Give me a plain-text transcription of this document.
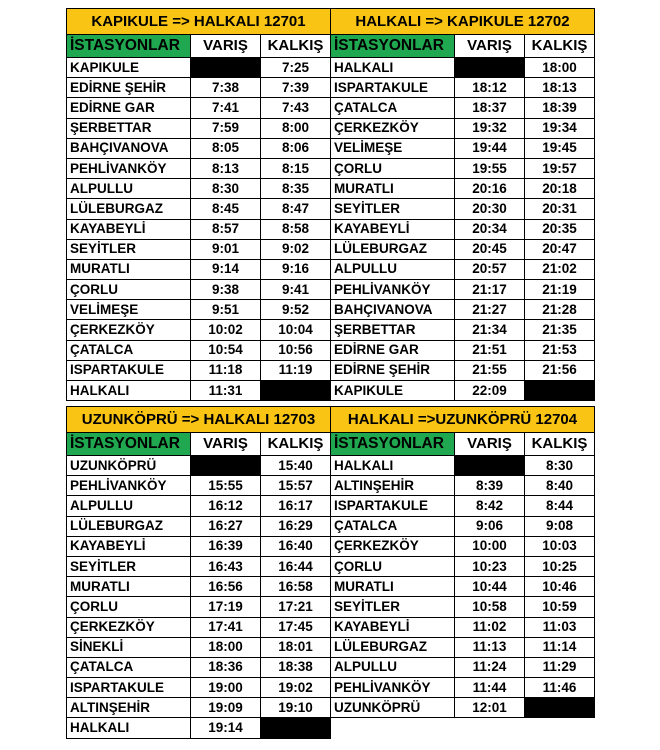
KAPIKULE => HALKALI 12701		
İSTASYONLAR	VARIŞ	KALKIŞ
KAPIKULE		7:25
EDİRNE ŞEHİR	7:38	7:39
EDİRNE GAR	7:41	7:43
ŞERBETTAR	7:59	8:00
BAHÇIVANOVA	8:05	8:06
PEHLİVANKÖY	8:13	8:15
ALPULLU	8:30	8:35
LÜLEBURGAZ	8:45	8:47
KAYABEYLİ	8:57	8:58
SEYİTLER	9:01	9:02
MURATLI	9:14	9:16
ÇORLU	9:38	9:41
VELİMEŞE	9:51	9:52
ÇERKEZKÖY	10:02	10:04
ÇATALCA	10:54	10:56
ISPARTAKULE	11:18	11:19
HALKALI	11:31	
HALKALI => KAPIKULE 12702		
İSTASYONLAR	VARIŞ	KALKIŞ
HALKALI		18:00
ISPARTAKULE	18:12	18:13
ÇATALCA	18:37	18:39
ÇERKEZKÖY	19:32	19:34
VELİMEŞE	19:44	19:45
ÇORLU	19:55	19:57
MURATLI	20:16	20:18
SEYİTLER	20:30	20:31
KAYABEYLİ	20:34	20:35
LÜLEBURGAZ	20:45	20:47
ALPULLU	20:57	21:02
PEHLİVANKÖY	21:17	21:19
BAHÇIVANOVA	21:27	21:28
ŞERBETTAR	21:34	21:35
EDİRNE GAR	21:51	21:53
EDİRNE ŞEHİR	21:55	21:56
KAPIKULE	22:09	
UZUNKÖPRÜ => HALKALI 12703		
İSTASYONLAR	VARIŞ	KALKIŞ
UZUNKÖPRÜ		15:40
PEHLİVANKÖY	15:55	15:57
ALPULLU	16:12	16:17
LÜLEBURGAZ	16:27	16:29
KAYABEYLİ	16:39	16:40
SEYİTLER	16:43	16:44
MURATLI	16:56	16:58
ÇORLU	17:19	17:21
ÇERKEZKÖY	17:41	17:45
SİNEKLİ	18:00	18:01
ÇATALCA	18:36	18:38
ISPARTAKULE	19:00	19:02
ALTINŞEHİR	19:09	19:10
HALKALI	19:14	
HALKALI =>UZUNKÖPRÜ 12704		
İSTASYONLAR	VARIŞ	KALKIŞ
HALKALI		8:30
ALTINŞEHİR	8:39	8:40
ISPARTAKULE	8:42	8:44
ÇATALCA	9:06	9:08
ÇERKEZKÖY	10:00	10:03
ÇORLU	10:23	10:25
MURATLI	10:44	10:46
SEYİTLER	10:58	10:59
KAYABEYLİ	11:02	11:03
LÜLEBURGAZ	11:13	11:14
ALPULLU	11:24	11:29
PEHLİVANKÖY	11:44	11:46
UZUNKÖPRÜ	12:01	
